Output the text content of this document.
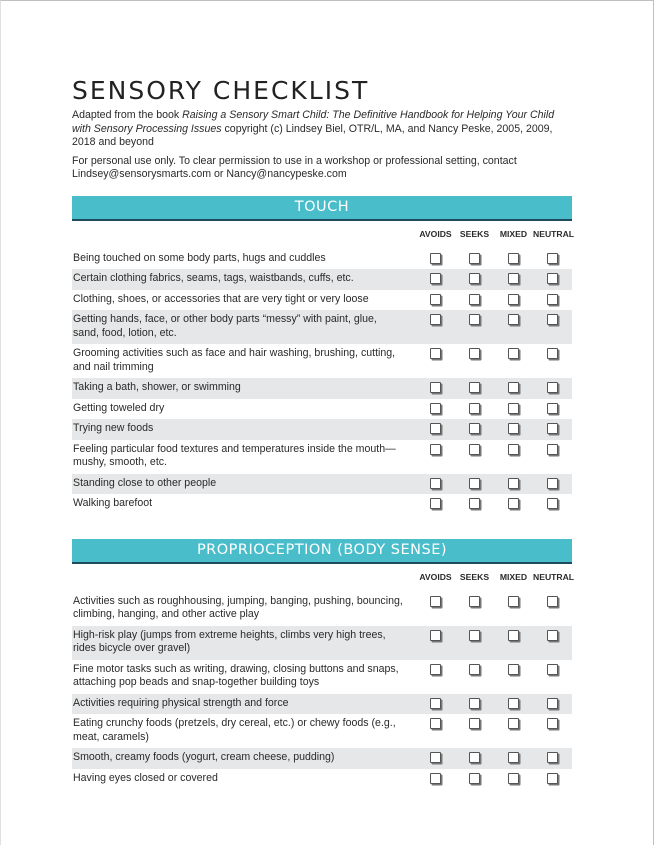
SENSORY CHECKLIST

Adapted from the book Raising a Sensory Smart Child: The Definitive Handbook for Helping Your Child with Sensory Processing Issues copyright (c) Lindsey Biel, OTR/L, MA, and Nancy Peske, 2005, 2009, 2018 and beyond

For personal use only. To clear permission to use in a workshop or professional setting, contact Lindsey@sensorysmarts.com or Nancy@nancypeske.com

TOUCH
AVOIDS SEEKS	MIXED NEUTRAL
Being touched on some body parts, hugs and cuddles
Certain clothing fabrics, seams, tags, waistbands, cuffs, etc.
Clothing, shoes, or accessories that are very tight or very loose
Getting hands, face, or other body parts “messy” with paint, glue, sand, food, lotion, etc.
Grooming activities such as face and hair washing, brushing, cutting, and nail trimming
Taking a bath, shower, or swimming
Getting toweled dry
Trying new foods
Feeling particular food textures and temperatures inside the mouth—mushy, smooth, etc.
Standing close to other people
Walking barefoot
PROPRIOCEPTION (BODY SENSE)
AVOIDS SEEKS	MIXED NEUTRAL
Activities such as roughhousing, jumping, banging, pushing, bouncing, climbing, hanging, and other active play
High-risk play (jumps from extreme heights, climbs very high trees, rides bicycle over gravel)
Fine motor tasks such as writing, drawing, closing buttons and snaps, attaching pop beads and snap-together building toys
Activities requiring physical strength and force
Eating crunchy foods (pretzels, dry cereal, etc.) or chewy foods (e.g., meat, caramels)
Smooth, creamy foods (yogurt, cream cheese, pudding)
Having eyes closed or covered
